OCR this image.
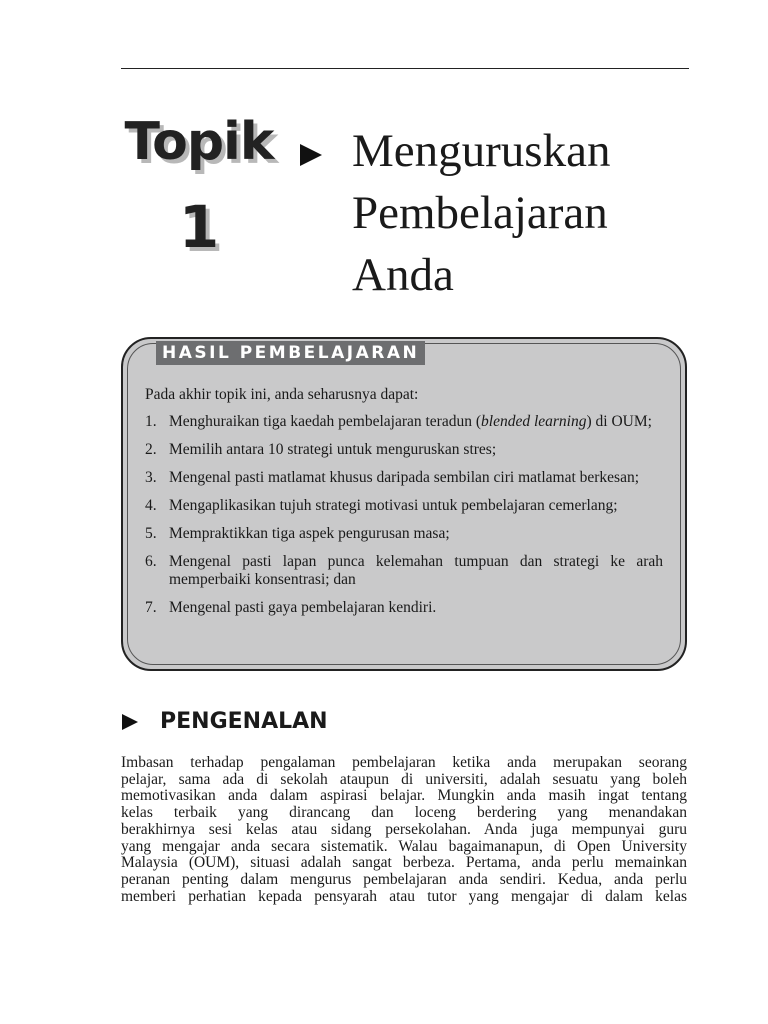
Topik
1
Menguruskan
Pembelajaran
Anda
HASIL PEMBELAJARAN
Pada akhir topik ini, anda seharusnya dapat:
1. Menghuraikan tiga kaedah pembelajaran teradun (blended learning) di OUM;
2. Memilih antara 10 strategi untuk menguruskan stres;
3. Mengenal pasti matlamat khusus daripada sembilan ciri matlamat berkesan;
4. Mengaplikasikan tujuh strategi motivasi untuk pembelajaran cemerlang;
5. Mempraktikkan tiga aspek pengurusan masa;
6. Mengenal pasti lapan punca kelemahan tumpuan dan strategi ke arah memperbaiki konsentrasi; dan
7. Mengenal pasti gaya pembelajaran kendiri.
PENGENALAN

Imbasan terhadap pengalaman pembelajaran ketika anda merupakan seorang
pelajar, sama ada di sekolah ataupun di universiti, adalah sesuatu yang boleh
memotivasikan anda dalam aspirasi belajar. Mungkin anda masih ingat tentang
kelas terbaik yang dirancang dan loceng berdering yang menandakan
berakhirnya sesi kelas atau sidang persekolahan. Anda juga mempunyai guru
yang mengajar anda secara sistematik. Walau bagaimanapun, di Open University
Malaysia (OUM), situasi adalah sangat berbeza. Pertama, anda perlu memainkan
peranan penting dalam mengurus pembelajaran anda sendiri. Kedua, anda perlu
memberi perhatian kepada pensyarah atau tutor yang mengajar di dalam kelas
